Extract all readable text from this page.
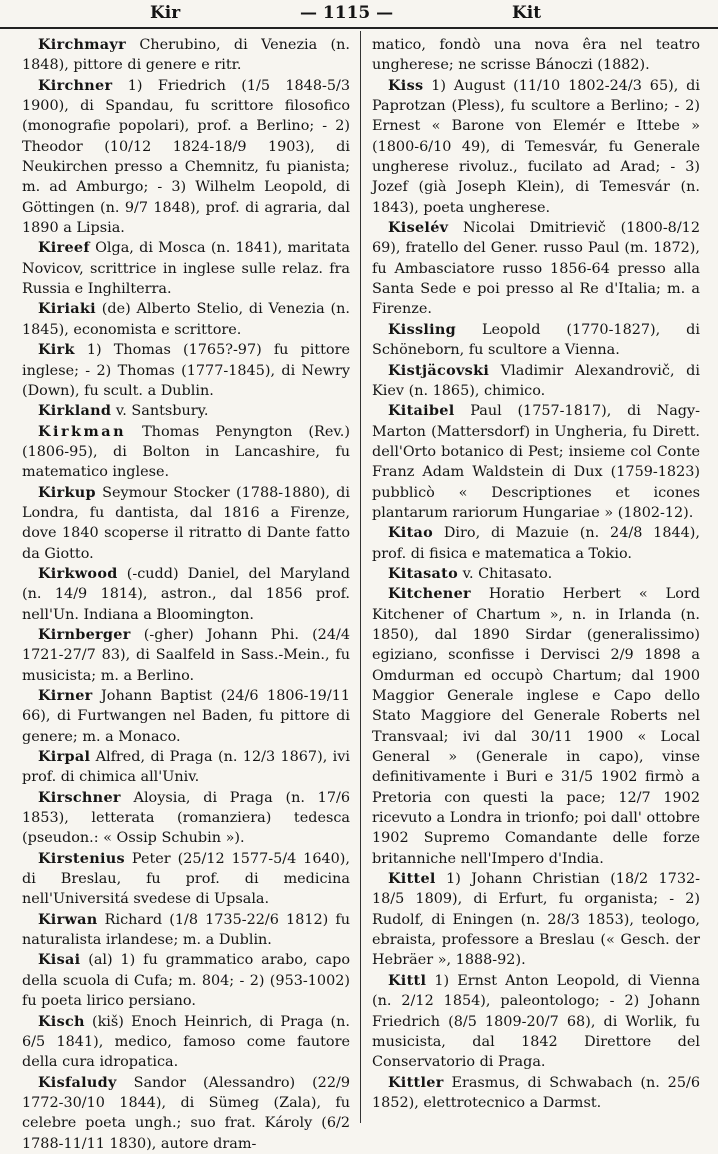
Kir	— 1115 —	Kit

Kirchmayr Cherubino, di Venezia (n. 1848), pittore di genere e ritr.

Kirchner 1) Friedrich (1/5 1848-5/3 1900), di Spandau, fu scrittore filosofico (monografie popolari), prof. a Berlino; - 2) Theodor (10/12 1824-18/9 1903), di Neukirchen presso a Chemnitz, fu pianista; m. ad Amburgo; - 3) Wilhelm Leopold, di Göttingen (n. 9/7 1848), prof. di agraria, dal 1890 a Lipsia.

Kireef Olga, di Mosca (n. 1841), maritata Novicov, scrittrice in inglese sulle relaz. fra Russia e Inghilterra.

Kiriaki (de) Alberto Stelio, di Venezia (n. 1845), economista e scrittore.

Kirk 1) Thomas (1765?-97) fu pittore inglese; - 2) Thomas (1777-1845), di Newry (Down), fu scult. a Dublin.

Kirkland v. Santsbury.

Kirkman Thomas Penyngton (Rev.) (1806-95), di Bolton in Lancashire, fu matematico inglese.

Kirkup Seymour Stocker (1788-1880), di Londra, fu dantista, dal 1816 a Firenze, dove 1840 scoperse il ritratto di Dante fatto da Giotto.

Kirkwood (-cudd) Daniel, del Maryland (n. 14/9 1814), astron., dal 1856 prof. nell'Un. Indiana a Bloomington.

Kirnberger (-gher) Johann Phi. (24/4 1721-27/7 83), di Saalfeld in Sass.-Mein., fu musicista; m. a Berlino.

Kirner Johann Baptist (24/6 1806-19/11 66), di Furtwangen nel Baden, fu pittore di genere; m. a Monaco.

Kirpal Alfred, di Praga (n. 12/3 1867), ivi prof. di chimica all'Univ.

Kirschner Aloysia, di Praga (n. 17/6 1853), letterata (romanziera) tedesca (pseudon.: « Ossip Schubin »).

Kirstenius Peter (25/12 1577-5/4 1640), di Breslau, fu prof. di medicina nell'Universitá svedese di Upsala.

Kirwan Richard (1/8 1735-22/6 1812) fu naturalista irlandese; m. a Dublin.

Kisai (al) 1) fu grammatico arabo, capo della scuola di Cufa; m. 804; - 2) (953-1002) fu poeta lirico persiano.

Kisch (kiš) Enoch Heinrich, di Praga (n. 6/5 1841), medico, famoso come fautore della cura idropatica.

Kisfaludy Sandor (Alessandro) (22/9 1772-30/10 1844), di Sümeg (Zala), fu celebre poeta ungh.; suo frat. Károly (6/2 1788-11/11 1830), autore dram-

matico, fondò una nova êra nel teatro ungherese; ne scrisse Bánoczi (1882).

Kiss 1) August (11/10 1802-24/3 65), di Paprotzan (Pless), fu scultore a Berlino; - 2) Ernest « Barone von Elemér e Ittebe » (1800-6/10 49), di Temesvár, fu Generale ungherese rivoluz., fucilato ad Arad; - 3) Jozef (già Joseph Klein), di Temesvár (n. 1843), poeta ungherese.

Kiselév Nicolai Dmitrievič (1800-8/12 69), fratello del Gener. russo Paul (m. 1872), fu Ambasciatore russo 1856-64 presso alla Santa Sede e poi presso al Re d'Italia; m. a Firenze.

Kissling Leopold (1770-1827), di Schöneborn, fu scultore a Vienna.

Kistjäcovski Vladimir Alexandrovič, di Kiev (n. 1865), chimico.

Kitaibel Paul (1757-1817), di Nagy-Marton (Mattersdorf) in Ungheria, fu Dirett. dell'Orto botanico di Pest; insieme col Conte Franz Adam Waldstein di Dux (1759-1823) pubblicò « Descriptiones et icones plantarum rariorum Hungariae » (1802-12).

Kitao Diro, di Mazuie (n. 24/8 1844), prof. di fisica e matematica a Tokio.

Kitasato v. Chitasato.

Kitchener Horatio Herbert « Lord Kitchener of Chartum », n. in Irlanda (n. 1850), dal 1890 Sirdar (generalissimo) egiziano, sconfisse i Dervisci 2/9 1898 a Omdurman ed occupò Chartum; dal 1900 Maggior Generale inglese e Capo dello Stato Maggiore del Generale Roberts nel Transvaal; ivi dal 30/11 1900 « Local General » (Generale in capo), vinse definitivamente i Buri e 31/5 1902 firmò a Pretoria con questi la pace; 12/7 1902 ricevuto a Londra in trionfo; poi dall' ottobre 1902 Supremo Comandante delle forze britanniche nell'Impero d'India.

Kittel 1) Johann Christian (18/2 1732-18/5 1809), di Erfurt, fu organista; - 2) Rudolf, di Eningen (n. 28/3 1853), teologo, ebraista, professore a Breslau (« Gesch. der Hebräer », 1888-92).

Kittl 1) Ernst Anton Leopold, di Vienna (n. 2/12 1854), paleontologo; - 2) Johann Friedrich (8/5 1809-20/7 68), di Worlik, fu musicista, dal 1842 Direttore del Conservatorio di Praga.

Kittler Erasmus, di Schwabach (n. 25/6 1852), elettrotecnico a Darmst.
